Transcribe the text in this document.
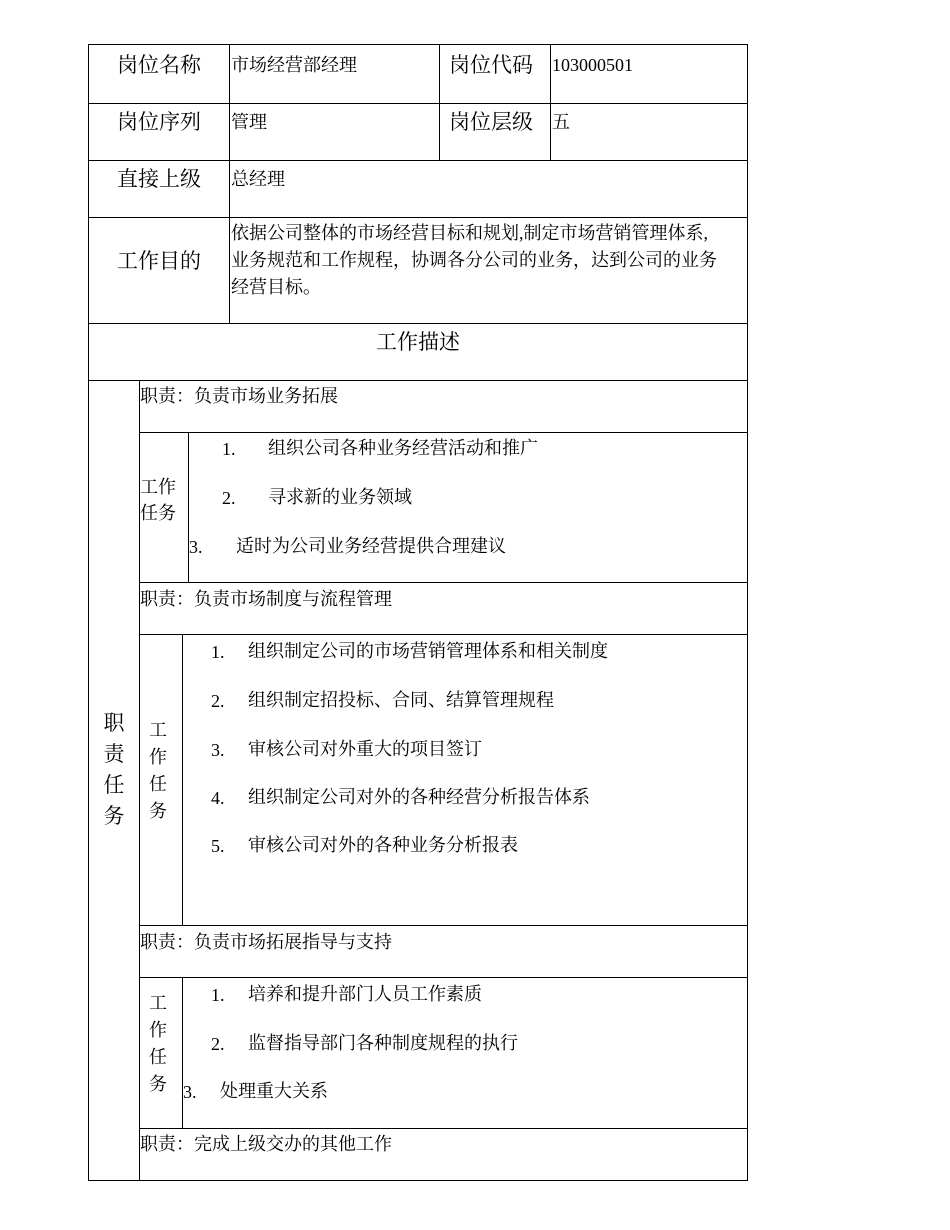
岗位名称 市场经营部经理	岗位代码 103000501
岗位序列 管理	岗位层级 五
直接上级 总经理
工作目的
依据公司整体的市场经营目标和规划,制定市场营销管理体系,
业务规范和工作规程，协调各分公司的业务，达到公司的业务
经营目标。
工作描述
职
责
任
务
职责：负责市场业务拓展
工作
任务
1. 组织公司各种业务经营活动和推广
2. 寻求新的业务领域
3. 适时为公司业务经营提供合理建议
职责：负责市场制度与流程管理
工
作
任
务
1. 组织制定公司的市场营销管理体系和相关制度
2. 组织制定招投标、合同、结算管理规程
3. 审核公司对外重大的项目签订
4. 组织制定公司对外的各种经营分析报告体系
5. 审核公司对外的各种业务分析报表
职责：负责市场拓展指导与支持
工
作
任
务
1. 培养和提升部门人员工作素质
2. 监督指导部门各种制度规程的执行
3. 处理重大关系
职责：完成上级交办的其他工作
